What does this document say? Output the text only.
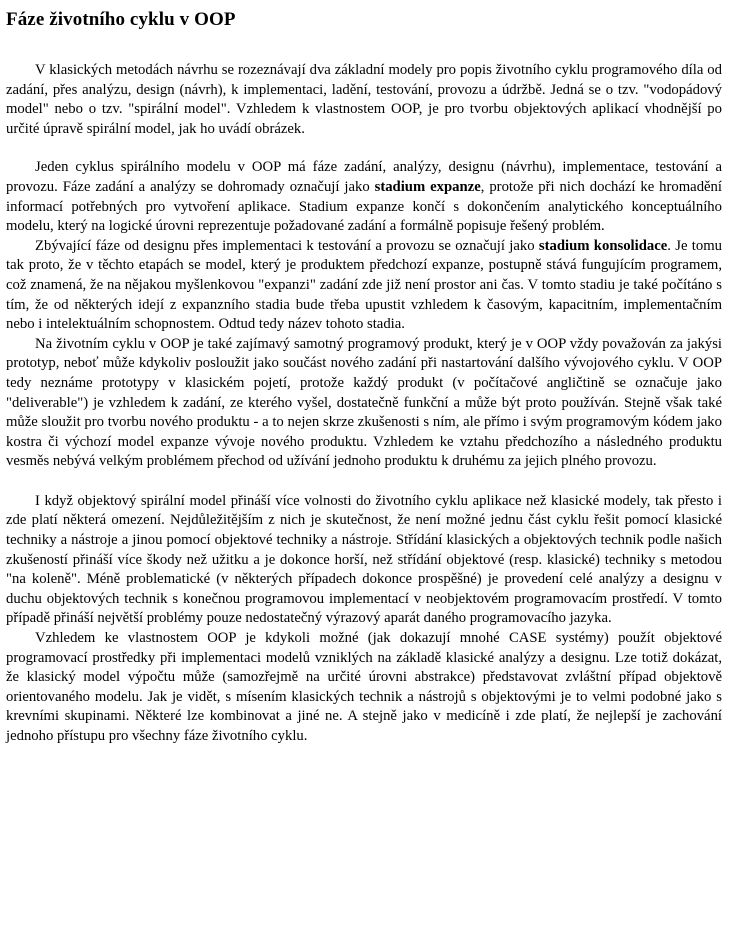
Fáze životního cyklu v OOP

V klasických metodách návrhu se rozeznávají dva základní modely pro popis životního cyklu programového díla od zadání, přes analýzu, design (návrh), k implementaci, ladění, testování, provozu a údržbě. Jedná se o tzv. "vodopádový model" nebo o tzv. "spirální model". Vzhledem k vlastnostem OOP, je pro tvorbu objektových aplikací vhodnější po určité úpravě spirální model, jak ho uvádí obrázek.

Jeden cyklus spirálního modelu v OOP má fáze zadání, analýzy, designu (návrhu), implementace, testování a provozu. Fáze zadání a analýzy se dohromady označují jako stadium expanze, protože při nich dochází ke hromadění informací potřebných pro vytvoření aplikace. Stadium expanze končí s dokončením analytického konceptuálního modelu, který na logické úrovni reprezentuje požadované zadání a formálně popisuje řešený problém.

Zbývající fáze od designu přes implementaci k testování a provozu se označují jako stadium konsolidace. Je tomu tak proto, že v těchto etapách se model, který je produktem předchozí expanze, postupně stává fungujícím programem, což znamená, že na nějakou myšlenkovou "expanzi" zadání zde již není prostor ani čas. V tomto stadiu je také počítáno s tím, že od některých idejí z expanzního stadia bude třeba upustit vzhledem k časovým, kapacitním, implementačním nebo i intelektuálním schopnostem. Odtud tedy název tohoto stadia.

Na životním cyklu v OOP je také zajímavý samotný programový produkt, který je v OOP vždy považován za jakýsi prototyp, neboť může kdykoliv posloužit jako součást nového zadání při nastartování dalšího vývojového cyklu. V OOP tedy neznáme prototypy v klasickém pojetí, protože každý produkt (v počítačové angličtině se označuje jako "deliverable") je vzhledem k zadání, ze kterého vyšel, dostatečně funkční a může být proto používán. Stejně však také může sloužit pro tvorbu nového produktu - a to nejen skrze zkušenosti s ním, ale přímo i svým programovým kódem jako kostra či výchozí model expanze vývoje nového produktu. Vzhledem ke vztahu předchozího a následného produktu vesměs nebývá velkým problémem přechod od užívání jednoho produktu k druhému za jejich plného provozu.

I když objektový spirální model přináší více volnosti do životního cyklu aplikace než klasické modely, tak přesto i zde platí některá omezení. Nejdůležitějším z nich je skutečnost, že není možné jednu část cyklu řešit pomocí klasické techniky a nástroje a jinou pomocí objektové techniky a nástroje. Střídání klasických a objektových technik podle našich zkušeností přináší více škody než užitku a je dokonce horší, než střídání objektové (resp. klasické) techniky s metodou "na koleně". Méně problematické (v některých případech dokonce prospěšné) je provedení celé analýzy a designu v duchu objektových technik s konečnou programovou implementací v neobjektovém programovacím prostředí. V tomto případě přináší největší problémy pouze nedostatečný výrazový aparát daného programovacího jazyka.

Vzhledem ke vlastnostem OOP je kdykoli možné (jak dokazují mnohé CASE systémy) použít objektové programovací prostředky při implementaci modelů vzniklých na základě klasické analýzy a designu. Lze totiž dokázat, že klasický model výpočtu může (samozřejmě na určité úrovni abstrakce) představovat zvláštní případ objektově orientovaného modelu. Jak je vidět, s mísením klasických technik a nástrojů s objektovými je to velmi podobné jako s krevními skupinami. Některé lze kombinovat a jiné ne. A stejně jako v medicíně i zde platí, že nejlepší je zachování jednoho přístupu pro všechny fáze životního cyklu.
